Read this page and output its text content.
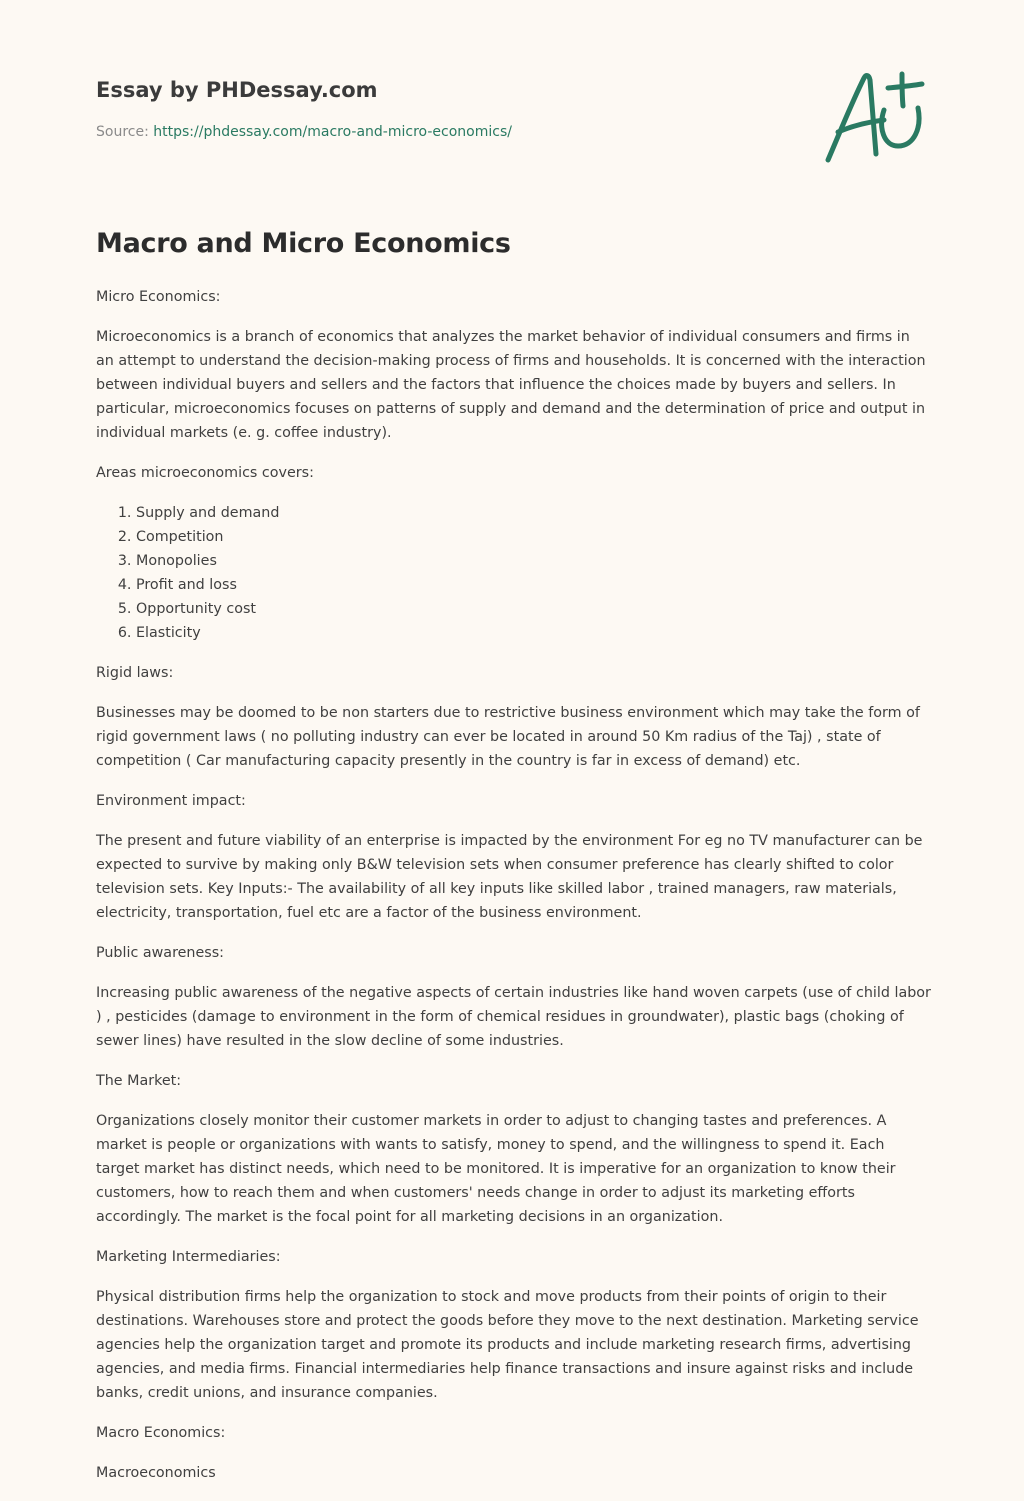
Essay by PHDessay.com
Source: https://phdessay.com/macro-and-micro-economics/
Macro and Micro Economics

Micro Economics:

Microeconomics is a branch of economics that analyzes the market behavior of individual consumers and firms in an attempt to understand the decision-making process of firms and households. It is concerned with the interaction between individual buyers and sellers and the factors that influence the choices made by buyers and sellers. In particular, microeconomics focuses on patterns of supply and demand and the determination of price and output in individual markets (e. g. coffee industry).

Areas microeconomics covers:

1. Supply and demand
2. Competition
3. Monopolies
4. Profit and loss
5. Opportunity cost
6. Elasticity

Rigid laws:

Businesses may be doomed to be non starters due to restrictive business environment which may take the form of rigid government laws ( no polluting industry can ever be located in around 50 Km radius of the Taj) , state of competition ( Car manufacturing capacity presently in the country is far in excess of demand) etc.

Environment impact:

The present and future viability of an enterprise is impacted by the environment For eg no TV manufacturer can be expected to survive by making only B&W television sets when consumer preference has clearly shifted to color television sets. Key Inputs:- The availability of all key inputs like skilled labor , trained managers, raw materials, electricity, transportation, fuel etc are a factor of the business environment.

Public awareness:

Increasing public awareness of the negative aspects of certain industries like hand woven carpets (use of child labor ) , pesticides (damage to environment in the form of chemical residues in groundwater), plastic bags (choking of sewer lines) have resulted in the slow decline of some industries.

The Market:

Organizations closely monitor their customer markets in order to adjust to changing tastes and preferences. A market is people or organizations with wants to satisfy, money to spend, and the willingness to spend it. Each target market has distinct needs, which need to be monitored. It is imperative for an organization to know their customers, how to reach them and when customers' needs change in order to adjust its marketing efforts accordingly. The market is the focal point for all marketing decisions in an organization.

Marketing Intermediaries:

Physical distribution firms help the organization to stock and move products from their points of origin to their destinations. Warehouses store and protect the goods before they move to the next destination. Marketing service agencies help the organization target and promote its products and include marketing research firms, advertising agencies, and media firms. Financial intermediaries help finance transactions and insure against risks and include banks, credit unions, and insurance companies.

Macro Economics:

Macroeconomics
